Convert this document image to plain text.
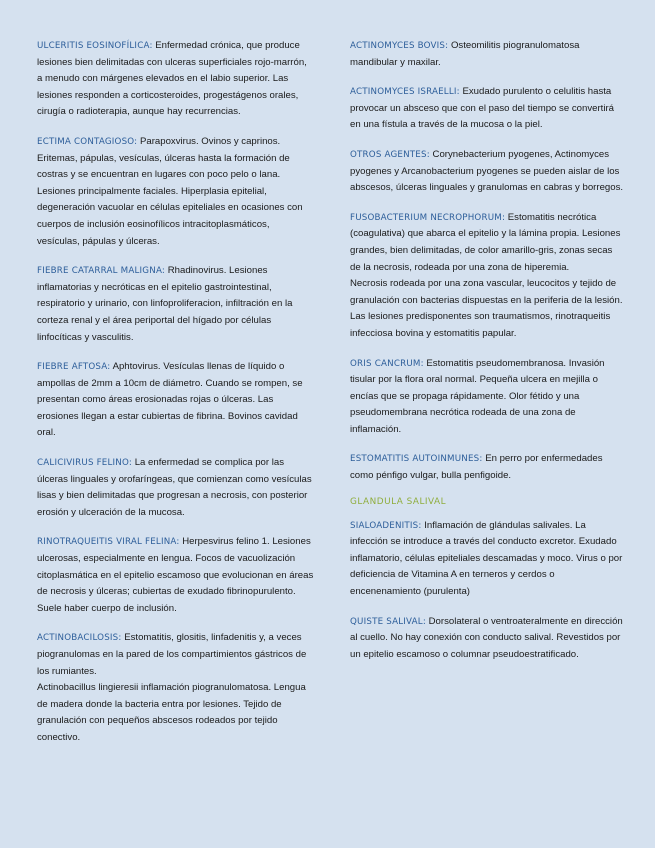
ULCERITIS EOSINOFÍLICA: Enfermedad crónica, que produce lesiones bien delimitadas con ulceras superficiales rojo-marrón, a menudo con márgenes elevados en el labio superior. Las lesiones responden a corticosteroides, progestágenos orales, cirugía o radioterapia, aunque hay recurrencias.

ECTIMA CONTAGIOSO: Parapoxvirus. Ovinos y caprinos. Eritemas, pápulas, vesículas, úlceras hasta la formación de costras y se encuentran en lugares con poco pelo o lana. Lesiones principalmente faciales. Hiperplasia epitelial, degeneración vacuolar en células epiteliales en ocasiones con cuerpos de inclusión eosinofílicos intracitoplasmáticos, vesículas, pápulas y úlceras.

FIEBRE CATARRAL MALIGNA: Rhadinovirus. Lesiones inflamatorias y necróticas en el epitelio gastrointestinal, respiratorio y urinario, con linfoproliferacion, infiltración en la corteza renal y el área periportal del hígado por células linfocíticas y vasculitis.

FIEBRE AFTOSA: Aphtovirus. Vesículas llenas de líquido o ampollas de 2mm a 10cm de diámetro. Cuando se rompen, se presentan como áreas erosionadas rojas o úlceras. Las erosiones llegan a estar cubiertas de fibrina. Bovinos cavidad oral.

CALICIVIRUS FELINO: La enfermedad se complica por las úlceras linguales y orofaríngeas, que comienzan como vesículas lisas y bien delimitadas que progresan a necrosis, con posterior erosión y ulceración de la mucosa.

RINOTRAQUEITIS VIRAL FELINA: Herpesvirus felino 1. Lesiones ulcerosas, especialmente en lengua. Focos de vacuolización citoplasmática en el epitelio escamoso que evolucionan en áreas de necrosis y úlceras; cubiertas de exudado fibrinopurulento. Suele haber cuerpo de inclusión.

ACTINOBACILOSIS: Estomatitis, glositis, linfadenitis y, a veces piogranulomas en la pared de los compartimientos gástricos de los rumiantes.
Actinobacillus lingieresii inflamación piogranulomatosa. Lengua de madera donde la bacteria entra por lesiones. Tejido de granulación con pequeños abscesos rodeados por tejido conectivo.

ACTINOMYCES BOVIS: Osteomilitis piogranulomatosa mandibular y maxilar.

ACTINOMYCES ISRAELLI: Exudado purulento o celulitis hasta provocar un absceso que con el paso del tiempo se convertirá en una fístula a través de la mucosa o la piel.

OTROS AGENTES: Corynebacterium pyogenes, Actinomyces pyogenes y Arcanobacterium pyogenes se pueden aislar de los abscesos, úlceras linguales y granulomas en cabras y borregos.

FUSOBACTERIUM NECROPHORUM: Estomatitis necrótica (coagulativa) que abarca el epitelio y la lámina propia. Lesiones grandes, bien delimitadas, de color amarillo-gris, zonas secas de la necrosis, rodeada por una zona de hiperemia.
Necrosis rodeada por una zona vascular, leucocitos y tejido de granulación con bacterias dispuestas en la periferia de la lesión. Las lesiones predisponentes son traumatismos, rinotraqueitis infecciosa bovina y estomatitis papular.

ORIS CANCRUM: Estomatitis pseudomembranosa. Invasión tisular por la flora oral normal. Pequeña ulcera en mejilla o encías que se propaga rápidamente. Olor fétido y una pseudomembrana necrótica rodeada de una zona de inflamación.

ESTOMATITIS AUTOINMUNES: En perro por enfermedades como pénfigo vulgar, bulla penfigoide.

GLANDULA SALIVAL

SIALOADENITIS: Inflamación de glándulas salivales. La infección se introduce a través del conducto excretor. Exudado inflamatorio, células epiteliales descamadas y moco. Virus o por deficiencia de Vitamina A en terneros y cerdos o encenenamiento (purulenta)

QUISTE SALIVAL: Dorsolateral o ventroateralmente en dirección al cuello. No hay conexión con conducto salival. Revestidos por un epitelio escamoso o columnar pseudoestratificado.
